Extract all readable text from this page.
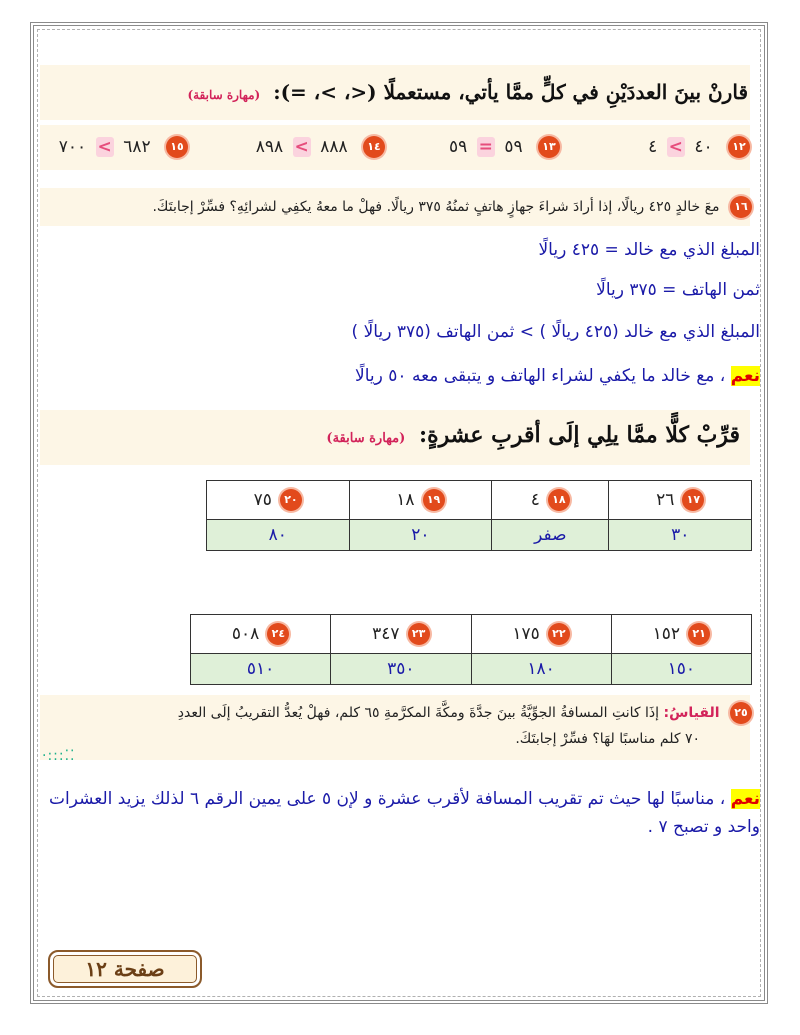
قارنْ بينَ العددَيْنِ في كلٍّ ممَّا يأتي، مستعملًا (<، >، =): (مهارة سابقة)
١٢ ٤٠ > ٤
١٣ ٥٩ = ٥٩
١٤ ٨٨٨ > ٨٩٨
١٥ ٦٨٢ > ٧٠٠
١٦ معَ خالدٍ ٤٢٥ ريالًا، إذا أرادَ شراءَ جهازٍ هاتفٍ ثمنُهُ ٣٧٥ ريالًا. فهلْ ما معهُ يكفِي لشرائِهِ؟ فسِّرْ إجابتَكَ.
المبلغ الذي مع خالد = ٤٢٥ ريالًا
ثمن الهاتف = ٣٧٥ ريالًا
المبلغ الذي مع خالد (٤٢٥ ريالًا ) > ثمن الهاتف (٣٧٥ ريالًا )
نعم ، مع خالد ما يكفي لشراء الهاتف و يتبقى معه ٥٠ ريالًا
قرِّبْ كلًّا ممَّا يلِي إلَى أقربِ عشرةٍ: (مهارة سابقة)
١٧٢٦	١٨٤	١٩١٨	٢٠٧٥
٣٠	صفر	٢٠	٨٠
٢١١٥٢	٢٢١٧٥	٢٣٣٤٧	٢٤٥٠٨
١٥٠	١٨٠	٣٥٠	٥١٠
٢٥ القياسُ: إذَا كانتِ المسافةُ الجوِّيَّةُ بينَ جدَّةَ ومكَّةَ المكرَّمةِ ٦٥ كلم، فهلْ يُعدُّ التقريبُ إلَى العددِ
٧٠ كلم مناسبًا لهَا؟ فسِّرْ إجابتَكَ.
·:::⁚⁚
نعم ، مناسبًا لها حيث تم تقريب المسافة لأقرب عشرة و لإن ٥ على يمين الرقم ٦ لذلك يزيد العشرات واحد و تصبح ٧ .
صفحة ١٢
